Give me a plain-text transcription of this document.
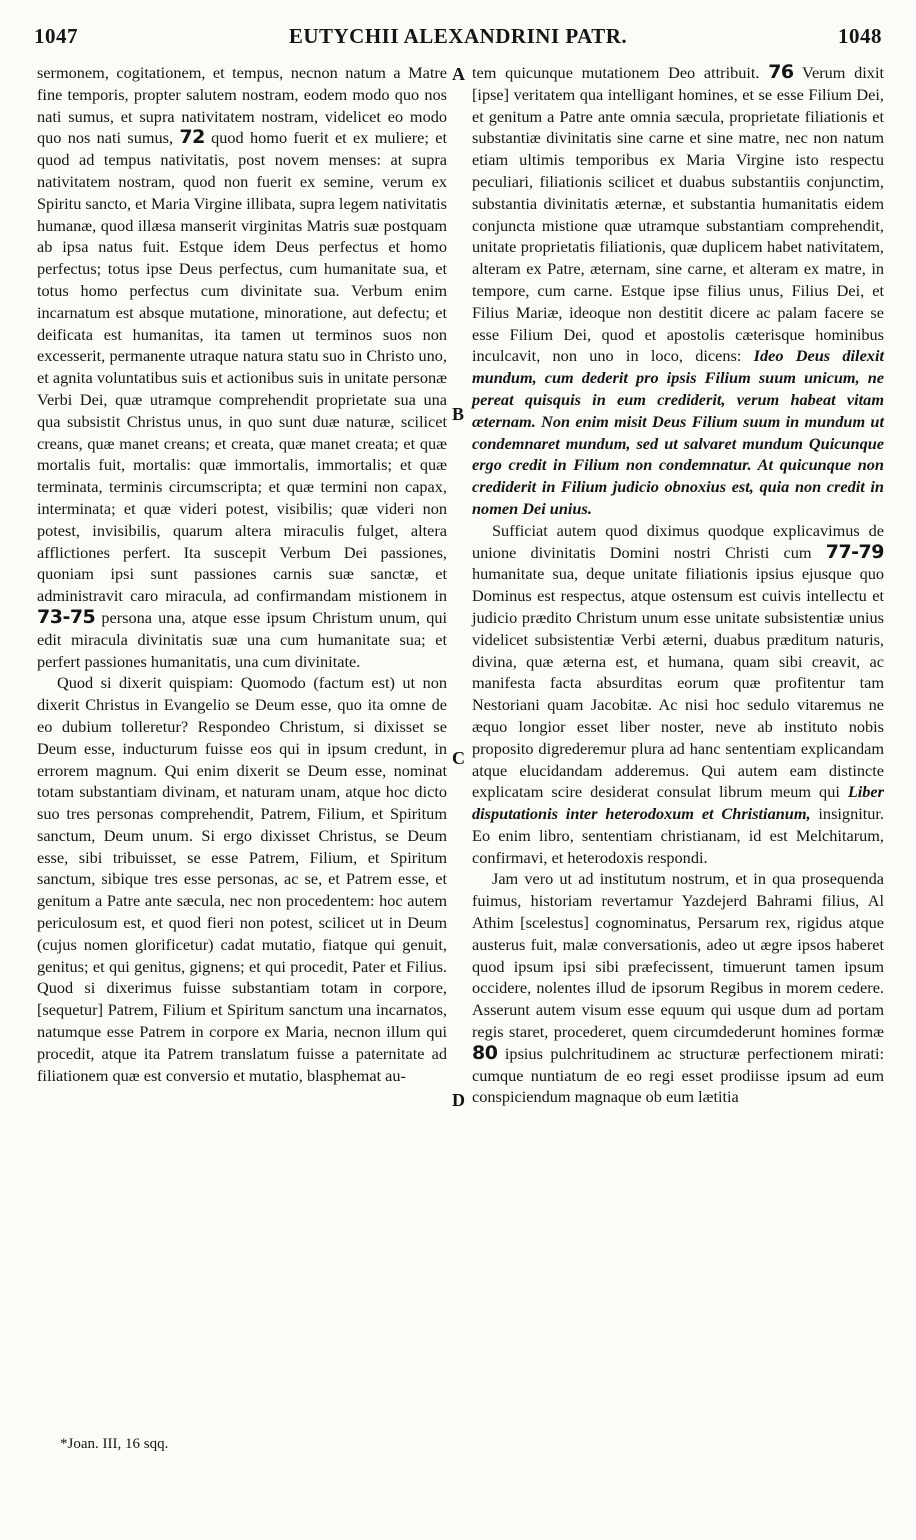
1047	EUTYCHII ALEXANDRINI PATR.	1048

sermonem, cogitationem, et tempus, necnon natum a Matre fine temporis, propter salutem nostram, eodem modo quo nos nati sumus, et supra nativitatem nostram, videlicet eo modo quo nos nati sumus, 72 quod homo fuerit et ex muliere; et quod ad tempus nativitatis, post novem menses: at supra nativitatem nostram, quod non fuerit ex semine, verum ex Spiritu sancto, et Maria Virgine illibata, supra legem nativitatis humanæ, quod illæsa manserit virginitas Matris suæ postquam ab ipsa natus fuit. Estque idem Deus perfectus et homo perfectus; totus ipse Deus perfectus, cum humanitate sua, et totus homo perfectus cum divinitate sua. Verbum enim incarnatum est absque mutatione, minoratione, aut defectu; et deificata est humanitas, ita tamen ut terminos suos non excesserit, permanente utraque natura statu suo in Christo uno, et agnita voluntatibus suis et actionibus suis in unitate personæ Verbi Dei, quæ utramque comprehendit proprietate sua una qua subsistit Christus unus, in quo sunt duæ naturæ, scilicet creans, quæ manet creans; et creata, quæ manet creata; et quæ mortalis fuit, mortalis: quæ immortalis, immortalis; et quæ terminata, terminis circumscripta; et quæ termini non capax, interminata; et quæ videri potest, visibilis; quæ videri non potest, invisibilis, quarum altera miraculis fulget, altera afflictiones perfert. Ita suscepit Verbum Dei passiones, quoniam ipsi sunt passiones carnis suæ sanctæ, et administravit caro miracula, ad confirmandam mistionem in 73-75 persona una, atque esse ipsum Christum unum, qui edit miracula divinitatis suæ una cum humanitate sua; et perfert passiones humanitatis, una cum divinitate.

Quod si dixerit quispiam: Quomodo (factum est) ut non dixerit Christus in Evangelio se Deum esse, quo ita omne de eo dubium tolleretur? Respondeo Christum, si dixisset se Deum esse, inducturum fuisse eos qui in ipsum credunt, in errorem magnum. Qui enim dixerit se Deum esse, nominat totam substantiam divinam, et naturam unam, atque hoc dicto suo tres personas comprehendit, Patrem, Filium, et Spiritum sanctum, Deum unum. Si ergo dixisset Christus, se Deum esse, sibi tribuisset, se esse Patrem, Filium, et Spiritum sanctum, sibique tres esse personas, ac se, et Patrem esse, et genitum a Patre ante sæcula, nec non procedentem: hoc autem periculosum est, et quod fieri non potest, scilicet ut in Deum (cujus nomen glorificetur) cadat mutatio, fiatque qui genuit, genitus; et qui genitus, gignens; et qui procedit, Pater et Filius. Quod si dixerimus fuisse substantiam totam in corpore, [sequetur] Patrem, Filium et Spiritum sanctum una incarnatos, natumque esse Patrem in corpore ex Maria, necnon illum qui procedit, atque ita Patrem translatum fuisse a paternitate ad filiationem quæ est conversio et mutatio, blasphemat au-

A
B
C
D

tem quicunque mutationem Deo attribuit. 76 Verum dixit [ipse] veritatem qua intelligant homines, et se esse Filium Dei, et genitum a Patre ante omnia sæcula, proprietate filiationis et substantiæ divinitatis sine carne et sine matre, nec non natum etiam ultimis temporibus ex Maria Virgine isto respectu peculiari, filiationis scilicet et duabus substantiis conjunctim, substantia divinitatis æternæ, et substantia humanitatis eidem conjuncta mistione quæ utramque substantiam comprehendit, unitate proprietatis filiationis, quæ duplicem habet nativitatem, alteram ex Patre, æternam, sine carne, et alteram ex matre, in tempore, cum carne. Estque ipse filius unus, Filius Dei, et Filius Mariæ, ideoque non destitit dicere ac palam facere se esse Filium Dei, quod et apostolis cæterisque hominibus inculcavit, non uno in loco, dicens: Ideo Deus dilexit mundum, cum dederit pro ipsis Filium suum unicum, ne pereat quisquis in eum crediderit, verum habeat vitam æternam. Non enim misit Deus Filium suum in mundum ut condemnaret mundum, sed ut salvaret mundum Quicunque ergo credit in Filium non condemnatur. At quicunque non crediderit in Filium judicio obnoxius est, quia non credit in nomen Dei unius.

Sufficiat autem quod diximus quodque explicavimus de unione divinitatis Domini nostri Christi cum 77-79 humanitate sua, deque unitate filiationis ipsius ejusque quo Dominus est respectus, atque ostensum est cuivis intellectu et judicio prædito Christum unum esse unitate subsistentiæ unius videlicet subsistentiæ Verbi æterni, duabus præditum naturis, divina, quæ æterna est, et humana, quam sibi creavit, ac manifesta facta absurditas eorum quæ profitentur tam Nestoriani quam Jacobitæ. Ac nisi hoc sedulo vitaremus ne æquo longior esset liber noster, neve ab instituto nobis proposito digrederemur plura ad hanc sententiam explicandam atque elucidandam adderemus. Qui autem eam distincte explicatam scire desiderat consulat librum meum qui Liber disputationis inter heterodoxum et Christianum, insignitur. Eo enim libro, sententiam christianam, id est Melchitarum, confirmavi, et heterodoxis respondi.

Jam vero ut ad institutum nostrum, et in qua prosequenda fuimus, historiam revertamur Yazdejerd Bahrami filius, Al Athim [scelestus] cognominatus, Persarum rex, rigidus atque austerus fuit, malæ conversationis, adeo ut ægre ipsos haberet quod ipsum ipsi sibi præfecissent, timuerunt tamen ipsum occidere, nolentes illud de ipsorum Regibus in morem cedere. Asserunt autem visum esse equum qui usque dum ad portam regis staret, procederet, quem circumdederunt homines formæ 80 ipsius pulchritudinem ac structuræ perfectionem mirati: cumque nuntiatum de eo regi esset prodiisse ipsum ad eum conspiciendum magnaque ob eum lætitia

*Joan. III, 16 sqq.
